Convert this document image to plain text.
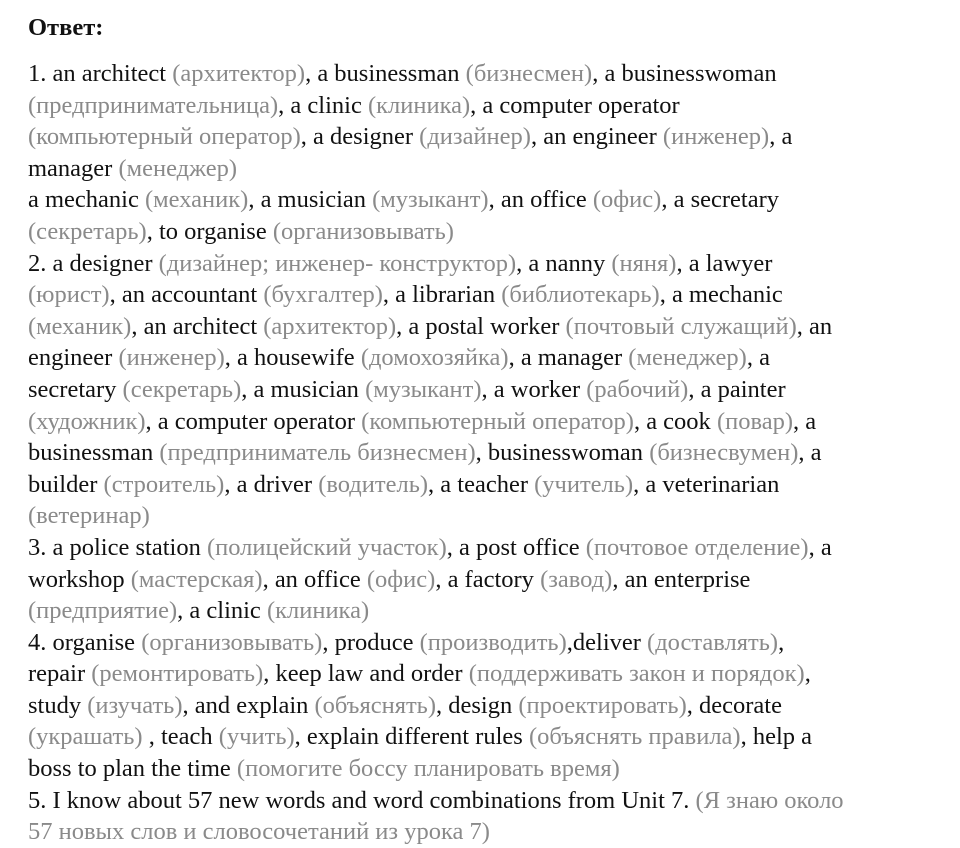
Ответ:
1. an architect (архитектор), a businessman (бизнесмен), a businesswoman
(предпринимательница), a clinic (клиника), a computer operator
(компьютерный оператор), a designer (дизайнер), an engineer (инженер), a
manager (менеджер)
a mechanic (механик), a musician (музыкант), an office (офис), a secretary
(секретарь), to organise (организовывать)
2. a designer (дизайнер; инженер- конструктор), a nanny (няня), a lawyer
(юрист), an accountant (бухгалтер), a librarian (библиотекарь), a mechanic
(механик), an architect (архитектор), a postal worker (почтовый служащий), an
engineer (инженер), a housewife (домохозяйка), a manager (менеджер), a
secretary (секретарь), a musician (музыкант), a worker (рабочий), a painter
(художник), a computer operator (компьютерный оператор), a cook (повар), a
businessman (предприниматель бизнесмен), businesswoman (бизнесвумен), a
builder (строитель), a driver (водитель), a teacher (учитель), a veterinarian
(ветеринар)
3. a police station (полицейский участок), a post office (почтовое отделение), a
workshop (мастерская), an office (офис), a factory (завод), an enterprise
(предприятие), a clinic (клиника)
4. organise (организовывать), produce (производить),deliver (доставлять),
repair (ремонтировать), keep law and order (поддерживать закон и порядок),
study (изучать), and explain (объяснять), design (проектировать), decorate
(украшать) , teach (учить), explain different rules (объяснять правила), help a
boss to plan the time (помогите боссу планировать время)
5. I know about 57 new words and word combinations from Unit 7. (Я знаю около
57 новых слов и словосочетаний из урока 7)
